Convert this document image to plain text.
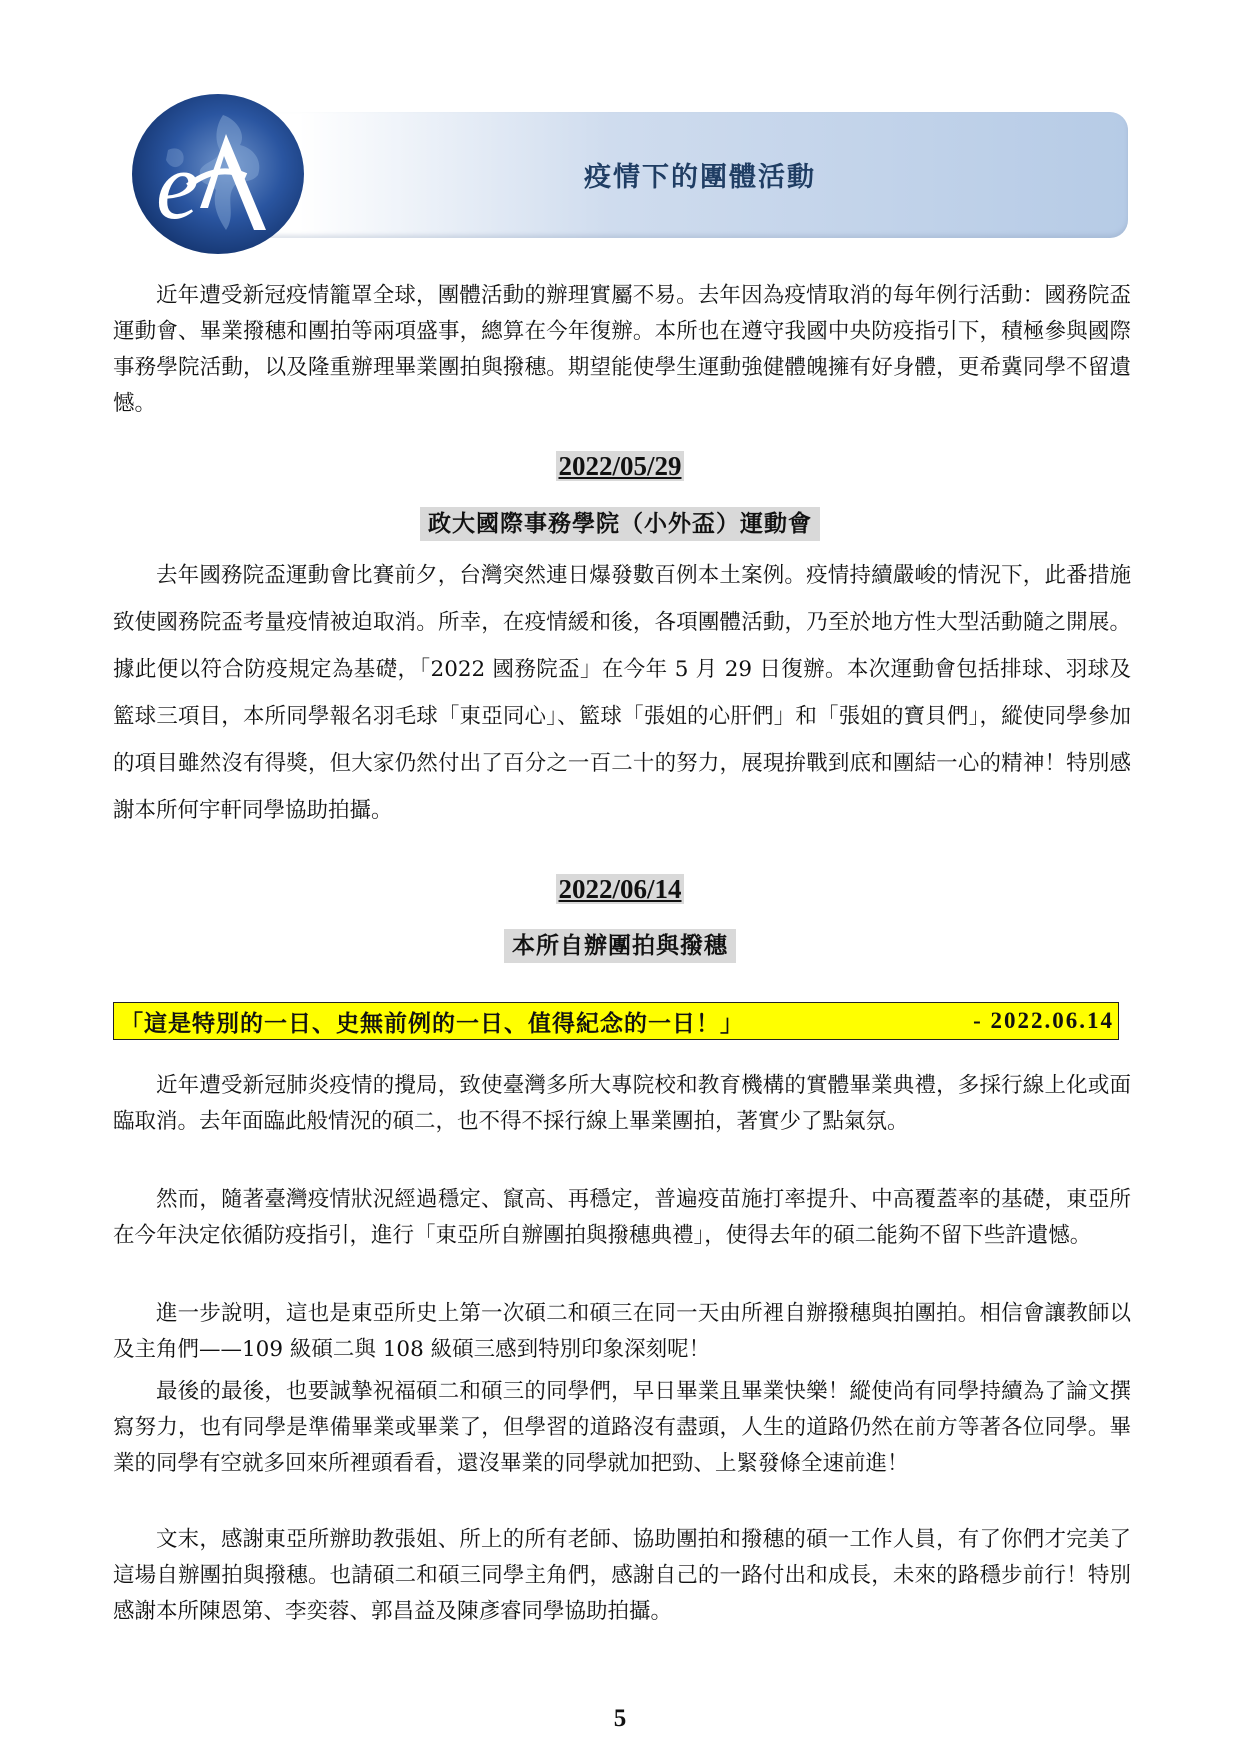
疫情下的團體活動
e

近年遭受新冠疫情籠罩全球，團體活動的辦理實屬不易。去年因為疫情取消的每年例行活動：國務院盃運動會、畢業撥穗和團拍等兩項盛事，總算在今年復辦。本所也在遵守我國中央防疫指引下，積極參與國際事務學院活動，以及隆重辦理畢業團拍與撥穗。期望能使學生運動強健體魄擁有好身體，更希冀同學不留遺憾。

2022/05/29
政大國際事務學院（小外盃）運動會

去年國務院盃運動會比賽前夕，台灣突然連日爆發數百例本土案例。疫情持續嚴峻的情況下，此番措施致使國務院盃考量疫情被迫取消。所幸，在疫情緩和後，各項團體活動，乃至於地方性大型活動隨之開展。據此便以符合防疫規定為基礎，「2022 國務院盃」在今年 5 月 29 日復辦。本次運動會包括排球、羽球及籃球三項目，本所同學報名羽毛球「東亞同心」、籃球「張姐的心肝們」和「張姐的寶貝們」，縱使同學參加的項目雖然沒有得獎，但大家仍然付出了百分之一百二十的努力，展現拚戰到底和團結一心的精神！特別感謝本所何宇軒同學協助拍攝。

2022/06/14
本所自辦團拍與撥穗
「這是特別的一日、史無前例的一日、值得紀念的一日！」	- 2022.06.14

近年遭受新冠肺炎疫情的攪局，致使臺灣多所大專院校和教育機構的實體畢業典禮，多採行線上化或面臨取消。去年面臨此般情況的碩二，也不得不採行線上畢業團拍，著實少了點氣氛。

然而，隨著臺灣疫情狀況經過穩定、竄高、再穩定，普遍疫苗施打率提升、中高覆蓋率的基礎，東亞所在今年決定依循防疫指引，進行「東亞所自辦團拍與撥穗典禮」，使得去年的碩二能夠不留下些許遺憾。

進一步說明，這也是東亞所史上第一次碩二和碩三在同一天由所裡自辦撥穗與拍團拍。相信會讓教師以及主角們——109 級碩二與 108 級碩三感到特別印象深刻呢！

最後的最後，也要誠摯祝福碩二和碩三的同學們，早日畢業且畢業快樂！縱使尚有同學持續為了論文撰寫努力，也有同學是準備畢業或畢業了，但學習的道路沒有盡頭，人生的道路仍然在前方等著各位同學。畢業的同學有空就多回來所裡頭看看，還沒畢業的同學就加把勁、上緊發條全速前進！

文末，感謝東亞所辦助教張姐、所上的所有老師、協助團拍和撥穗的碩一工作人員，有了你們才完美了這場自辦團拍與撥穗。也請碩二和碩三同學主角們，感謝自己的一路付出和成長，未來的路穩步前行！特別感謝本所陳恩第、李奕蓉、郭昌益及陳彥睿同學協助拍攝。

5
